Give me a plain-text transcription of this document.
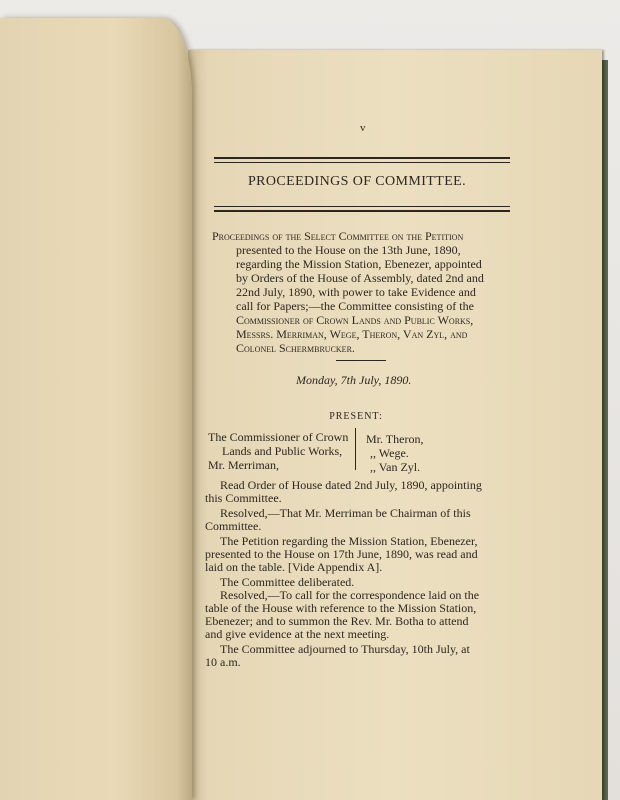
v
PROCEEDINGS OF COMMITTEE.
Proceedings of the Select Committee on the Petition
presented to the House on the 13th June, 1890,
regarding the Mission Station, Ebenezer, appointed
by Orders of the House of Assembly, dated 2nd and
22nd July, 1890, with power to take Evidence and
call for Papers;—the Committee consisting of the
Commissioner of Crown Lands and Public Works,
Messrs. Merriman, Wege, Theron, Van Zyl, and
Colonel Schermbrucker.
Monday, 7th July, 1890.
PRESENT:
The Commissioner of Crown
Lands and Public Works,
Mr. Merriman,
Mr. Theron,
,, Wege.
,, Van Zyl.
Read Order of House dated 2nd July, 1890, appointing
this Committee.
Resolved,—That Mr. Merriman be Chairman of this
Committee.
The Petition regarding the Mission Station, Ebenezer,
presented to the House on 17th June, 1890, was read and
laid on the table. [Vide Appendix A].
The Committee deliberated.
Resolved,—To call for the correspondence laid on the
table of the House with reference to the Mission Station,
Ebenezer; and to summon the Rev. Mr. Botha to attend
and give evidence at the next meeting.
The Committee adjourned to Thursday, 10th July, at
10 a.m.
